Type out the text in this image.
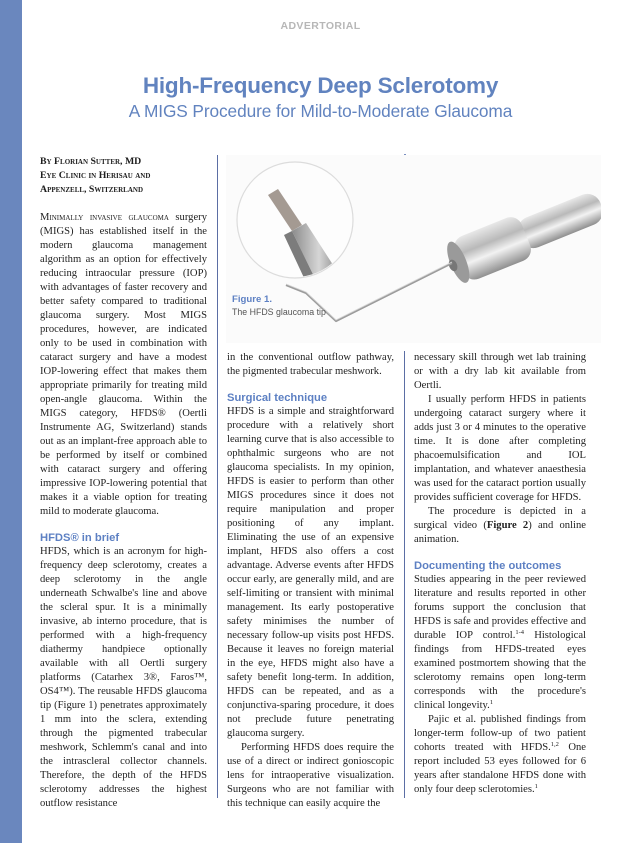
ADVERTORIAL
High-Frequency Deep Sclerotomy
A MIGS Procedure for Mild-to-Moderate Glaucoma
By Florian Sutter, MD
Eye Clinic in Herisau and
Appenzell, Switzerland
Figure 1.
The HFDS glaucoma tip

Minimally invasive glaucoma surgery (MIGS) has established itself in the modern glaucoma management algorithm as an option for effectively reducing intraocular pressure (IOP) with advantages of faster recovery and better safety compared to traditional glaucoma surgery. Most MIGS procedures, however, are indicated only to be used in combination with cataract surgery and have a modest IOP-lowering effect that makes them appropriate primarily for treating mild open-angle glaucoma. Within the MIGS category, HFDS® (Oertli Instrumente AG, Switzerland) stands out as an implant-free approach able to be performed by itself or combined with cataract surgery and offering impressive IOP-lowering potential that makes it a viable option for treating mild to moderate glaucoma.

HFDS® in brief

HFDS, which is an acronym for high-frequency deep sclerotomy, creates a deep sclerotomy in the angle underneath Schwalbe's line and above the scleral spur. It is a minimally invasive, ab interno procedure, that is performed with a high-frequency diathermy handpiece optionally available with all Oertli surgery platforms (Catarhex 3®, Faros™, OS4™). The reusable HFDS glaucoma tip (Figure 1) penetrates approximately 1 mm into the sclera, extending through the pigmented trabecular meshwork, Schlemm's canal and into the intrascleral collector channels. Therefore, the depth of the HFDS sclerotomy addresses the highest outflow resistance

in the conventional outflow pathway, the pigmented trabecular meshwork.

Surgical technique

HFDS is a simple and straightforward procedure with a relatively short learning curve that is also accessible to ophthalmic surgeons who are not glaucoma specialists. In my opinion, HFDS is easier to perform than other MIGS procedures since it does not require manipulation and proper positioning of any implant. Eliminating the use of an expensive implant, HFDS also offers a cost advantage. Adverse events after HFDS occur early, are generally mild, and are self-limiting or transient with minimal management. Its early postoperative safety minimises the number of necessary follow-up visits post HFDS. Because it leaves no foreign material in the eye, HFDS might also have a safety benefit long-term. In addition, HFDS can be repeated, and as a conjunctiva-sparing procedure, it does not preclude future penetrating glaucoma surgery.

Performing HFDS does require the use of a direct or indirect gonioscopic lens for intraoperative visualization. Surgeons who are not familiar with this technique can easily acquire the

necessary skill through wet lab training or with a dry lab kit available from Oertli.

I usually perform HFDS in patients undergoing cataract surgery where it adds just 3 or 4 minutes to the operative time. It is done after completing phacoemulsification and IOL implantation, and whatever anaesthesia was used for the cataract portion usually provides sufficient coverage for HFDS.

The procedure is depicted in a surgical video (Figure 2) and online animation.

Documenting the outcomes

Studies appearing in the peer reviewed literature and results reported in other forums support the conclusion that HFDS is safe and provides effective and durable IOP control.$^{1-4}$ Histological findings from HFDS-treated eyes examined postmortem showing that the sclerotomy remains open long-term corresponds with the procedure's clinical longevity.$^1$

Pajic et al. published findings from longer-term follow-up of two patient cohorts treated with HFDS.$^{1,2}$ One report included 53 eyes followed for 6 years after standalone HFDS done with only four deep sclerotomies.$^1$
